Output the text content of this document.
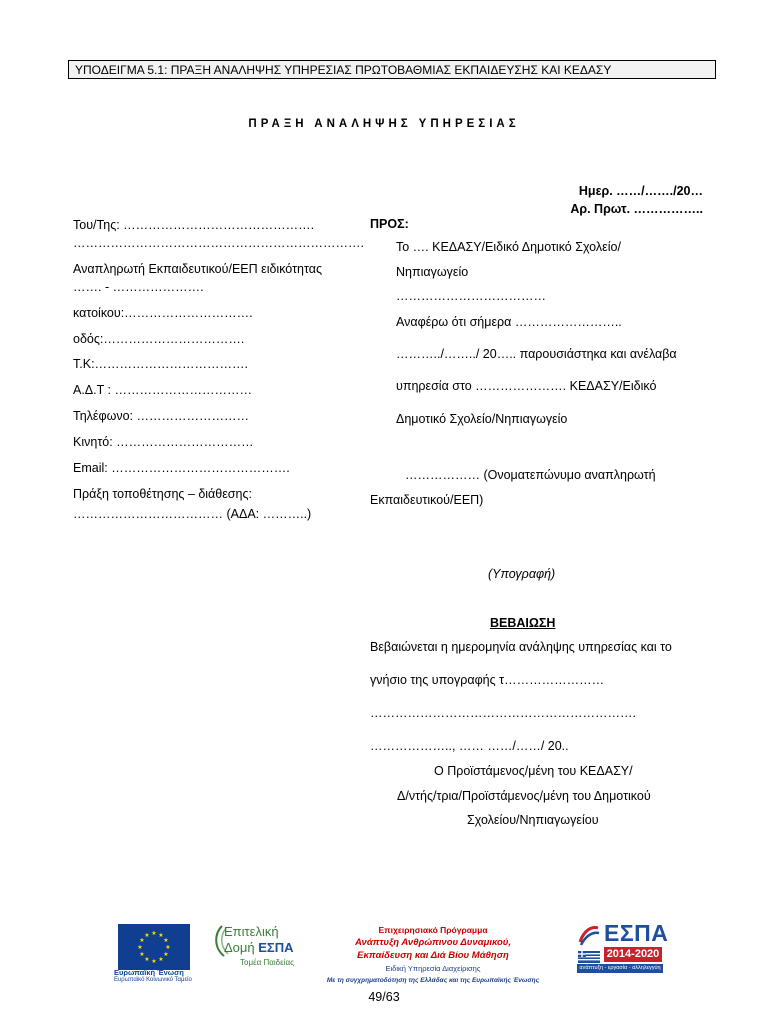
ΥΠΟΔΕΙΓΜΑ 5.1: ΠΡΑΞΗ ΑΝΑΛΗΨΗΣ ΥΠΗΡΕΣΙΑΣ ΠΡΩΤΟΒΑΘΜΙΑΣ ΕΚΠΑΙΔΕΥΣΗΣ ΚΑΙ ΚΕΔΑΣΥ
ΠΡΑΞΗ ΑΝΑΛΗΨΗΣ ΥΠΗΡΕΣΙΑΣ
Ημερ. ……/……./20…
Αρ. Πρωτ. ……………..
Του/Της: ……………………………………….
…………………………………………………………….
Αναπληρωτή Εκπαιδευτικού/ΕΕΠ ειδικότητας
……. - ………………….
κατοίκου:………………………….
οδός:…………………………….
Τ.Κ:……………………………….
Α.Δ.Τ : ……………………………
Τηλέφωνο: ………………………
Κινητό: ……………………………
Email: …………………………………….
Πράξη τοποθέτησης – διάθεσης:
……………………………… (ΑΔΑ: ………..)
ΠΡΟΣ:
Το …. ΚΕΔΑΣΥ/Ειδικό Δημοτικό Σχολείο/
Νηπιαγωγείο
………………………………
Αναφέρω ότι σήμερα ……………………..
………../……../ 20….. παρουσιάστηκα και ανέλαβα
υπηρεσία στο …………………. ΚΕΔΑΣΥ/Ειδικό
Δημοτικό Σχολείο/Νηπιαγωγείο
……………… (Ονοματεπώνυμο αναπληρωτή
Εκπαιδευτικού/ΕΕΠ)
(Υπογραφή)
ΒΕΒΑΙΩΣΗ
Βεβαιώνεται η ημερομηνία ανάληψης υπηρεσίας και το
γνήσιο της υπογραφής τ……………………
……………………………………………………….
……………….., …… ……/……/ 20..
Ο Προϊστάμενος/μένη του ΚΕΔΑΣΥ/
Δ/ντής/τρια/Προϊστάμενος/μένη του Δημοτικού
Σχολείου/Νηπιαγωγείου
★ ★
★
★
★
★
★
★
★
★
★
★
Ευρωπαϊκή Ένωση
Ευρωπαϊκό Κοινωνικό Ταμείο
Επιτελική
Δομή ΕΣΠΑ
Τομέα Παιδείας
Επιχειρησιακό Πρόγραμμα
Ανάπτυξη Ανθρώπινου Δυναμικού,
Εκπαίδευση και Διά Βίου Μάθηση
Ειδική Υπηρεσία Διαχείρισης
Με τη συγχρηματοδότηση της Ελλάδας και της Ευρωπαϊκής Ένωσης
ΕΣΠΑ
2014-2020
ανάπτυξη - εργασία - αλληλεγγύη
49/63
